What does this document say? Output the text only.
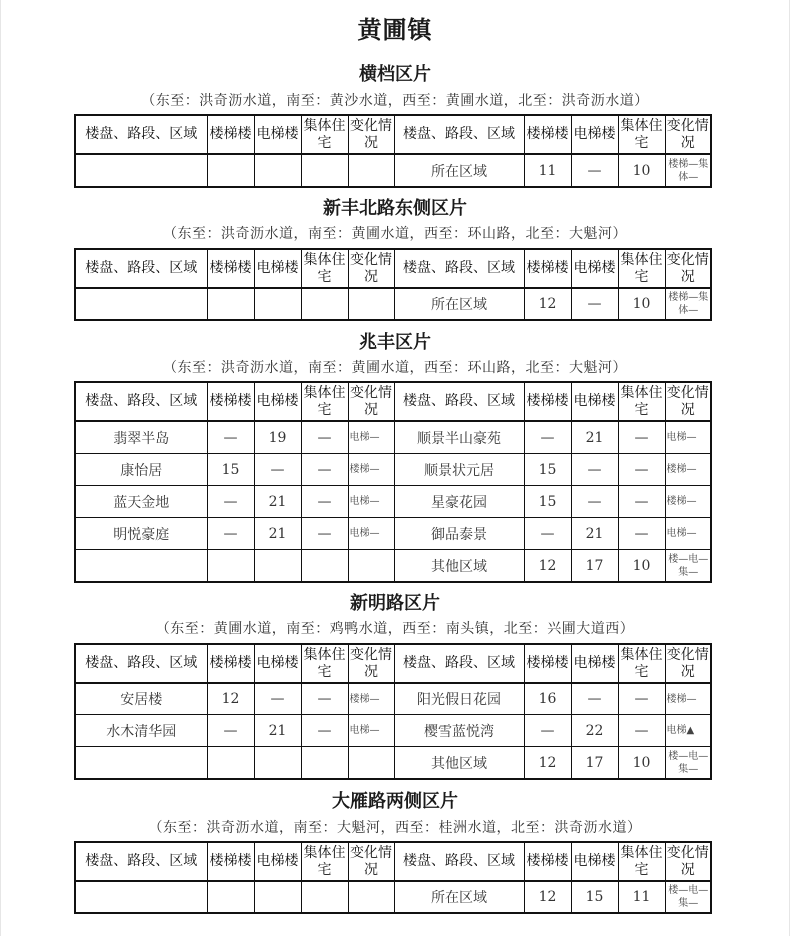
黄圃镇
横档区片
（东至：洪奇沥水道，南至：黄沙水道，西至：黄圃水道，北至：洪奇沥水道）
楼盘、路段、区域	楼梯楼	电梯楼	集体住宅	变化情况	楼盘、路段、区域	楼梯楼	电梯楼	集体住宅	变化情况
					所在区域	11	—	10	楼梯—集体—
新丰北路东侧区片
（东至：洪奇沥水道，南至：黄圃水道，西至：环山路，北至：大魁河）
楼盘、路段、区域	楼梯楼	电梯楼	集体住宅	变化情况	楼盘、路段、区域	楼梯楼	电梯楼	集体住宅	变化情况
					所在区域	12	—	10	楼梯—集体—
兆丰区片
（东至：洪奇沥水道，南至：黄圃水道，西至：环山路，北至：大魁河）
楼盘、路段、区域	楼梯楼	电梯楼	集体住宅	变化情况	楼盘、路段、区域	楼梯楼	电梯楼	集体住宅	变化情况
翡翠半岛	—	19	—	电梯—	顺景半山豪苑	—	21	—	电梯—
康怡居	15	—	—	楼梯—	顺景状元居	15	—	—	楼梯—
蓝天金地	—	21	—	电梯—	星豪花园	15	—	—	楼梯—
明悦豪庭	—	21	—	电梯—	御品泰景	—	21	—	电梯—
					其他区域	12	17	10	楼—电—集—
新明路区片
（东至：黄圃水道，南至：鸡鸭水道，西至：南头镇，北至：兴圃大道西）
楼盘、路段、区域	楼梯楼	电梯楼	集体住宅	变化情况	楼盘、路段、区域	楼梯楼	电梯楼	集体住宅	变化情况
安居楼	12	—	—	楼梯—	阳光假日花园	16	—	—	楼梯—
水木清华园	—	21	—	电梯—	樱雪蓝悦湾	—	22	—	电梯▲
					其他区域	12	17	10	楼—电—集—
大雁路两侧区片
（东至：洪奇沥水道，南至：大魁河，西至：桂洲水道，北至：洪奇沥水道）
楼盘、路段、区域	楼梯楼	电梯楼	集体住宅	变化情况	楼盘、路段、区域	楼梯楼	电梯楼	集体住宅	变化情况
					所在区域	12	15	11	楼—电—集—
